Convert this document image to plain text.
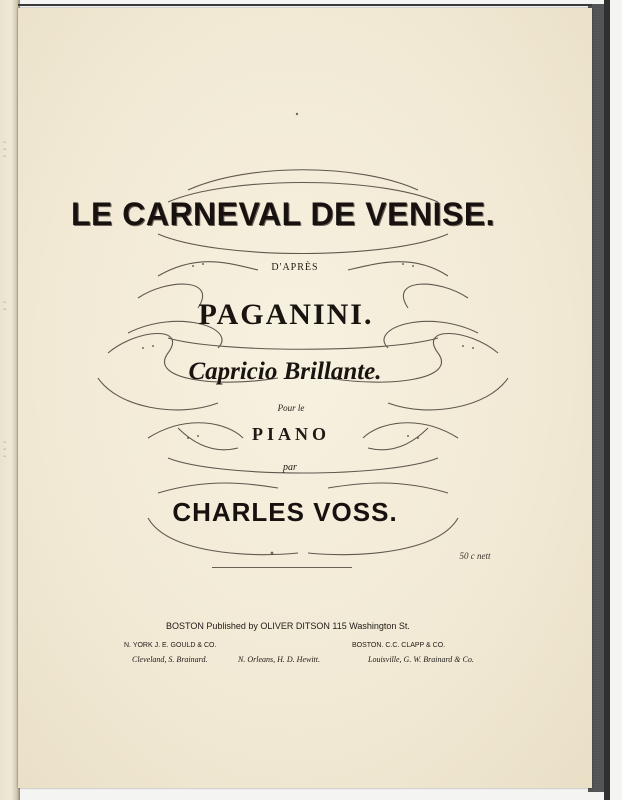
≡
≡
≡
≡
≡
≡
≡
≡
LE CARNEVAL DE VENISE.
D'APRÈS
PAGANINI.
Capricio Brillante.
Pour le
PIANO
par
CHARLES VOSS.
50 c nett
BOSTON Published by OLIVER DITSON 115 Washington St.
N. YORK J. E. GOULD & CO.	BOSTON. C.C. CLAPP & CO.
Cleveland, S. Brainard.	N. Orleans, H. D. Hewitt.	Louisville, G. W. Brainard & Co.
